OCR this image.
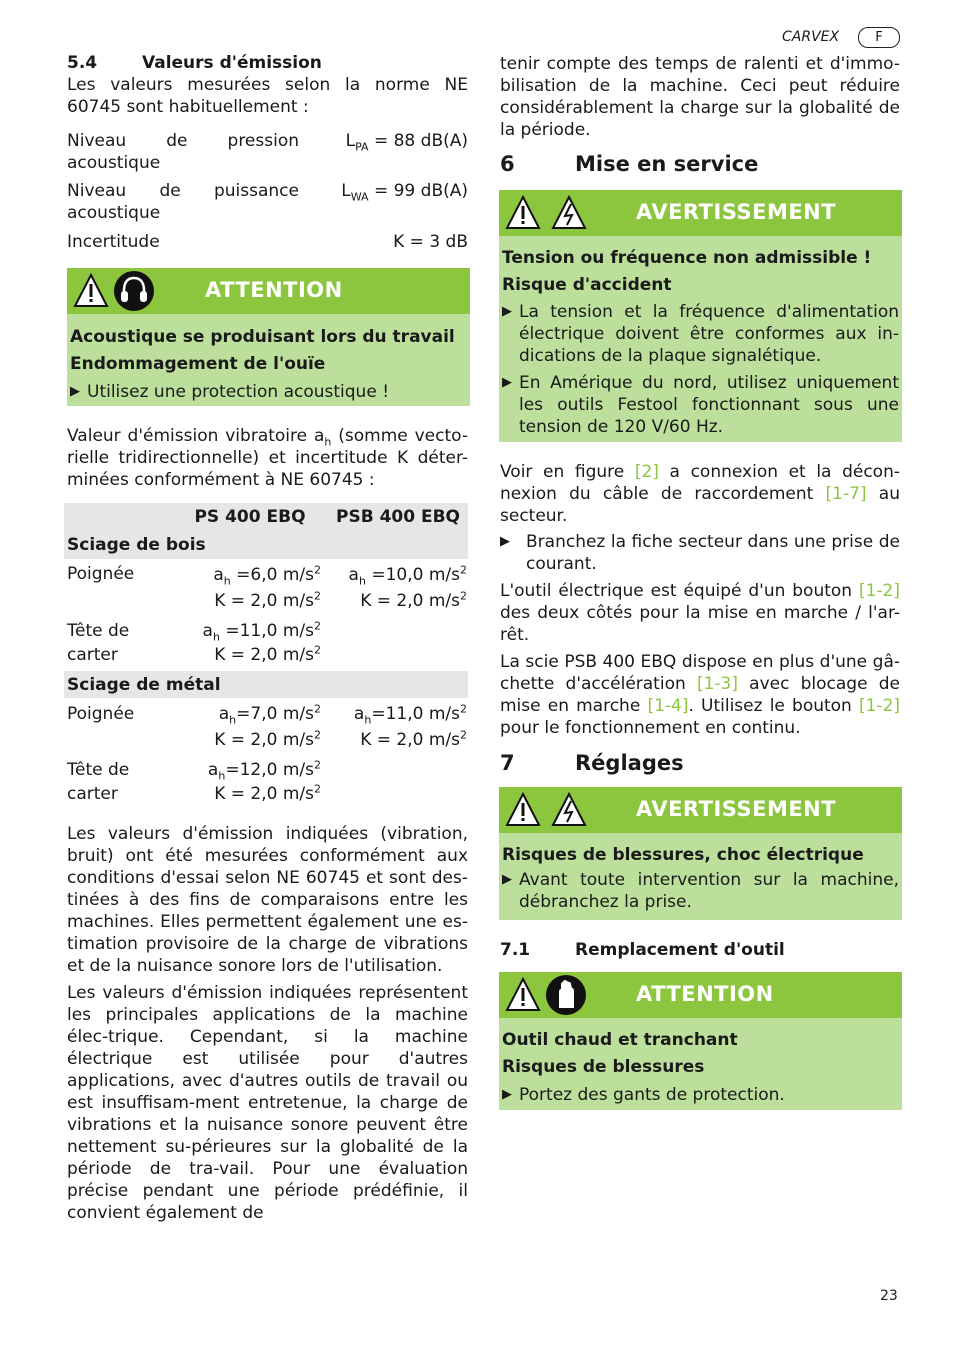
CARVEX	F
5.4	Valeurs d'émission

Les valeurs mesurées selon la norme NE 60745 sont habituellement :

Niveau de pression	$L_{PA} = 88$ dB(A)
acoustique
Niveau de puissance $L_{WA} = 99$ dB(A)
acoustique
Incertitude	K = 3 dB
ATTENTION
Acoustique se produisant lors du travail
Endommagement de l'ouïe
▶ Utilisez une protection acoustique !

Valeur d'émission vibratoire $a_h$ (somme vecto-rielle tridirectionnelle) et incertitude K déter-minées conformément à NE 60745 :

	PS 400 EBQ	PSB 400 EBQ
Sciage de bois		
Poignée	$a_h =6,0$ $m/s^2$	$a_h =10,0$ $m/s^2$
	K = 2,0 $m/s^2$	K = 2,0 $m/s^2$
Tête de	$a_h =11,0$ $m/s^2$	
carter	K = 2,0 $m/s^2$	
Sciage de métal		
Poignée	$a_h=7,0$ $m/s^2$	$a_h=11,0$ $m/s^2$
	K = 2,0 $m/s^2$	K = 2,0 $m/s^2$
Tête de	$a_h=12,0$ $m/s^2$	
carter	K = 2,0 $m/s^2$	

Les valeurs d'émission indiquées (vibration, bruit) ont été mesurées conformément aux conditions d'essai selon NE 60745 et sont des-tinées à des fins de comparaisons entre les machines. Elles permettent également une es-timation provisoire de la charge de vibrations et de la nuisance sonore lors de l'utilisation.

Les valeurs d'émission indiquées représentent les principales applications de la machine élec-trique. Cependant, si la machine électrique est utilisée pour d'autres applications, avec d'autres outils de travail ou est insuffisam-ment entretenue, la charge de vibrations et la nuisance sonore peuvent être nettement su-périeures sur la globalité de la période de tra-vail. Pour une évaluation précise pendant une période prédéfinie, il convient également de

tenir compte des temps de ralenti et d'immo-bilisation de la machine. Ceci peut réduire considérablement la charge sur la globalité de la période.

6	Mise en service
AVERTISSEMENT
Tension ou fréquence non admissible !
Risque d'accident
▶ La tension et la fréquence d'alimentation électrique doivent être conformes aux in-dications de la plaque signalétique.
▶ En Amérique du nord, utilisez uniquement les outils Festool fonctionnant sous une tension de 120 V/60 Hz.

Voir en figure [2] a connexion et la décon-nexion du câble de raccordement [1-7] au secteur.

▶ Branchez la fiche secteur dans une prise de courant.

L'outil électrique est équipé d'un bouton [1-2] des deux côtés pour la mise en marche / l'ar-rêt.

La scie PSB 400 EBQ dispose en plus d'une gâ-chette d'accélération [1-3] avec blocage de mise en marche [1-4]. Utilisez le bouton [1-2] pour le fonctionnement en continu.

7	Réglages
AVERTISSEMENT
Risques de blessures, choc électrique
▶ Avant toute intervention sur la machine, débranchez la prise.
7.1	Remplacement d'outil
ATTENTION
Outil chaud et tranchant
Risques de blessures
▶ Portez des gants de protection.
23
